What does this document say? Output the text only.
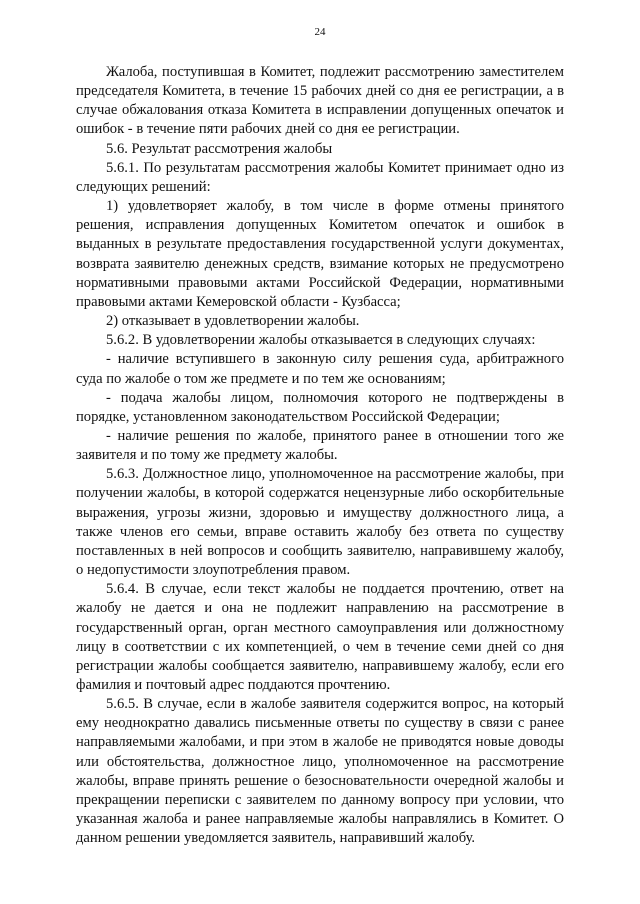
24

Жалоба, поступившая в Комитет, подлежит рассмотрению заместителем председателя Комитета, в течение 15 рабочих дней со дня ее регистрации, а в случае обжалования отказа Комитета в исправлении допущенных опечаток и ошибок - в течение пяти рабочих дней со дня ее регистрации.

5.6. Результат рассмотрения жалобы

5.6.1. По результатам рассмотрения жалобы Комитет принимает одно из следующих решений:

1) удовлетворяет жалобу, в том числе в форме отмены принятого решения, исправления допущенных Комитетом опечаток и ошибок в выданных в результате предоставления государственной услуги документах, возврата заявителю денежных средств, взимание которых не предусмотрено нормативными правовыми актами Российской Федерации, нормативными правовыми актами Кемеровской области - Кузбасса;

2) отказывает в удовлетворении жалобы.

5.6.2. В удовлетворении жалобы отказывается в следующих случаях:

- наличие вступившего в законную силу решения суда, арбитражного суда по жалобе о том же предмете и по тем же основаниям;

- подача жалобы лицом, полномочия которого не подтверждены в порядке, установленном законодательством Российской Федерации;

- наличие решения по жалобе, принятого ранее в отношении того же заявителя и по тому же предмету жалобы.

5.6.3. Должностное лицо, уполномоченное на рассмотрение жалобы, при получении жалобы, в которой содержатся нецензурные либо оскорбительные выражения, угрозы жизни, здоровью и имуществу должностного лица, а также членов его семьи, вправе оставить жалобу без ответа по существу поставленных в ней вопросов и сообщить заявителю, направившему жалобу, о недопустимости злоупотребления правом.

5.6.4. В случае, если текст жалобы не поддается прочтению, ответ на жалобу не дается и она не подлежит направлению на рассмотрение в государственный орган, орган местного самоуправления или должностному лицу в соответствии с их компетенцией, о чем в течение семи дней со дня регистрации жалобы сообщается заявителю, направившему жалобу, если его фамилия и почтовый адрес поддаются прочтению.

5.6.5. В случае, если в жалобе заявителя содержится вопрос, на который ему неоднократно давались письменные ответы по существу в связи с ранее направляемыми жалобами, и при этом в жалобе не приводятся новые доводы или обстоятельства, должностное лицо, уполномоченное на рассмотрение жалобы, вправе принять решение о безосновательности очередной жалобы и прекращении переписки с заявителем по данному вопросу при условии, что указанная жалоба и ранее направляемые жалобы направлялись в Комитет. О данном решении уведомляется заявитель, направивший жалобу.
